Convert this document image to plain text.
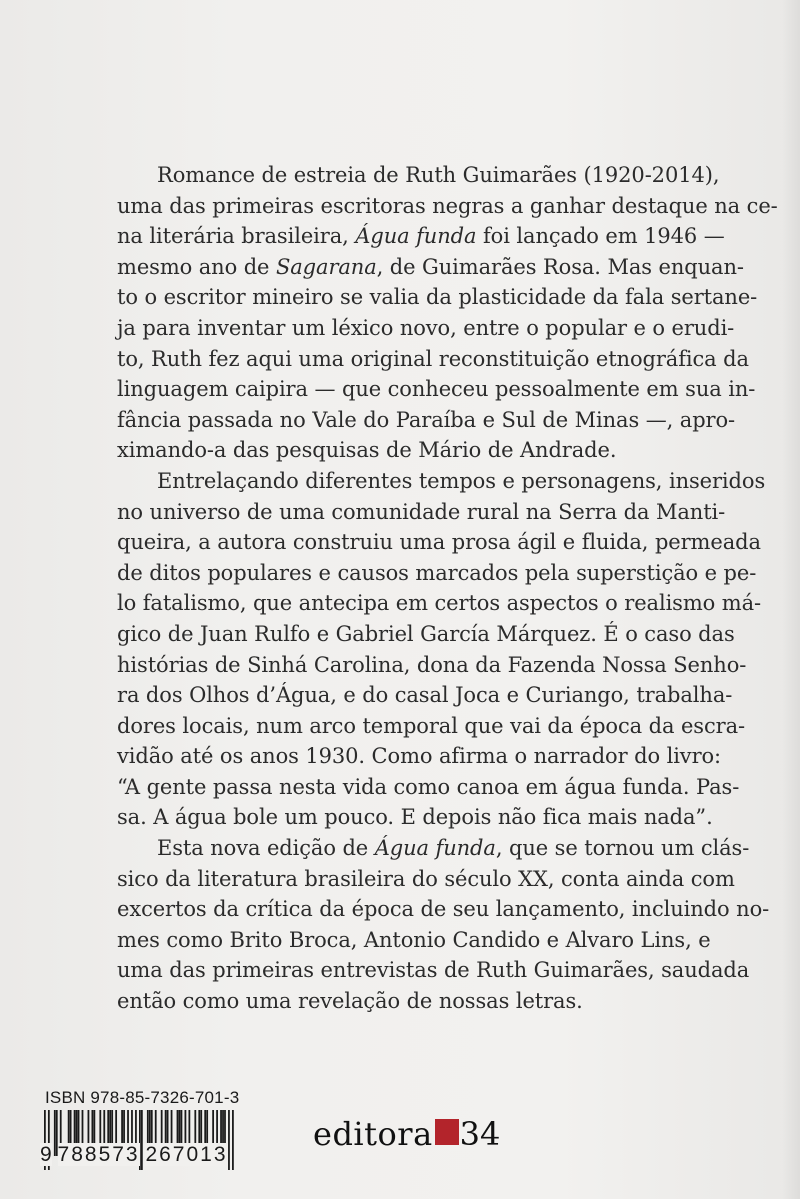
Romance de estreia de Ruth Guimarães (1920-2014),
uma das primeiras escritoras negras a ganhar destaque na ce-
na literária brasileira, Água funda foi lançado em 1946 —
mesmo ano de Sagarana, de Guimarães Rosa. Mas enquan-
to o escritor mineiro se valia da plasticidade da fala sertane-
ja para inventar um léxico novo, entre o popular e o erudi-
to, Ruth fez aqui uma original reconstituição etnográfica da
linguagem caipira — que conheceu pessoalmente em sua in-
fância passada no Vale do Paraíba e Sul de Minas —, apro-
ximando-a das pesquisas de Mário de Andrade.
Entrelaçando diferentes tempos e personagens, inseridos
no universo de uma comunidade rural na Serra da Manti-
queira, a autora construiu uma prosa ágil e fluida, permeada
de ditos populares e causos marcados pela superstição e pe-
lo fatalismo, que antecipa em certos aspectos o realismo má-
gico de Juan Rulfo e Gabriel García Márquez. É o caso das
histórias de Sinhá Carolina, dona da Fazenda Nossa Senho-
ra dos Olhos d’Água, e do casal Joca e Curiango, trabalha-
dores locais, num arco temporal que vai da época da escra-
vidão até os anos 1930. Como afirma o narrador do livro:
“A gente passa nesta vida como canoa em água funda. Pas-
sa. A água bole um pouco. E depois não fica mais nada”.
Esta nova edição de Água funda, que se tornou um clás-
sico da literatura brasileira do século XX, conta ainda com
excertos da crítica da época de seu lançamento, incluindo no-
mes como Brito Broca, Antonio Candido e Alvaro Lins, e
uma das primeiras entrevistas de Ruth Guimarães, saudada
então como uma revelação de nossas letras.
ISBN 978-85-7326-701-3
9 788573 267013
editora 34
